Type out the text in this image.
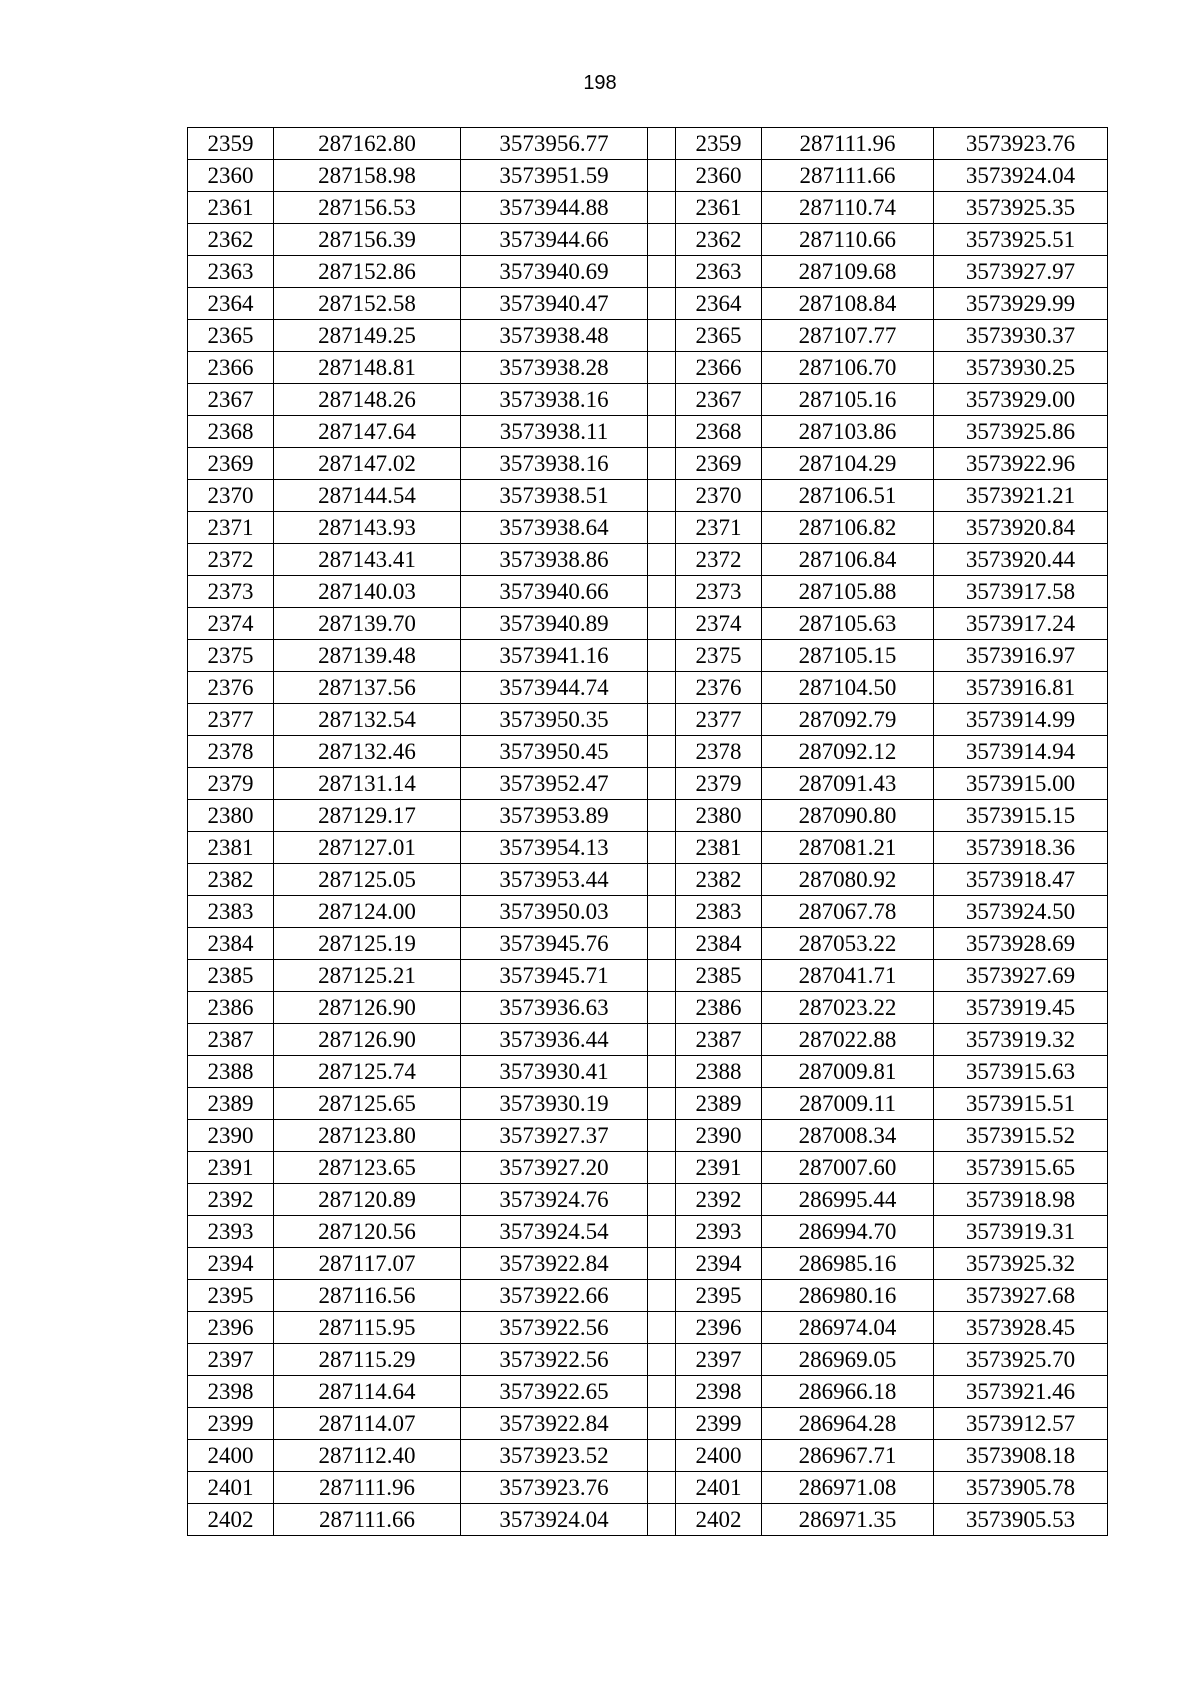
198
2359	287162.80	3573956.77		2359	287111.96	3573923.76
2360	287158.98	3573951.59		2360	287111.66	3573924.04
2361	287156.53	3573944.88		2361	287110.74	3573925.35
2362	287156.39	3573944.66		2362	287110.66	3573925.51
2363	287152.86	3573940.69		2363	287109.68	3573927.97
2364	287152.58	3573940.47		2364	287108.84	3573929.99
2365	287149.25	3573938.48		2365	287107.77	3573930.37
2366	287148.81	3573938.28		2366	287106.70	3573930.25
2367	287148.26	3573938.16		2367	287105.16	3573929.00
2368	287147.64	3573938.11		2368	287103.86	3573925.86
2369	287147.02	3573938.16		2369	287104.29	3573922.96
2370	287144.54	3573938.51		2370	287106.51	3573921.21
2371	287143.93	3573938.64		2371	287106.82	3573920.84
2372	287143.41	3573938.86		2372	287106.84	3573920.44
2373	287140.03	3573940.66		2373	287105.88	3573917.58
2374	287139.70	3573940.89		2374	287105.63	3573917.24
2375	287139.48	3573941.16		2375	287105.15	3573916.97
2376	287137.56	3573944.74		2376	287104.50	3573916.81
2377	287132.54	3573950.35		2377	287092.79	3573914.99
2378	287132.46	3573950.45		2378	287092.12	3573914.94
2379	287131.14	3573952.47		2379	287091.43	3573915.00
2380	287129.17	3573953.89		2380	287090.80	3573915.15
2381	287127.01	3573954.13		2381	287081.21	3573918.36
2382	287125.05	3573953.44		2382	287080.92	3573918.47
2383	287124.00	3573950.03		2383	287067.78	3573924.50
2384	287125.19	3573945.76		2384	287053.22	3573928.69
2385	287125.21	3573945.71		2385	287041.71	3573927.69
2386	287126.90	3573936.63		2386	287023.22	3573919.45
2387	287126.90	3573936.44		2387	287022.88	3573919.32
2388	287125.74	3573930.41		2388	287009.81	3573915.63
2389	287125.65	3573930.19		2389	287009.11	3573915.51
2390	287123.80	3573927.37		2390	287008.34	3573915.52
2391	287123.65	3573927.20		2391	287007.60	3573915.65
2392	287120.89	3573924.76		2392	286995.44	3573918.98
2393	287120.56	3573924.54		2393	286994.70	3573919.31
2394	287117.07	3573922.84		2394	286985.16	3573925.32
2395	287116.56	3573922.66		2395	286980.16	3573927.68
2396	287115.95	3573922.56		2396	286974.04	3573928.45
2397	287115.29	3573922.56		2397	286969.05	3573925.70
2398	287114.64	3573922.65		2398	286966.18	3573921.46
2399	287114.07	3573922.84		2399	286964.28	3573912.57
2400	287112.40	3573923.52		2400	286967.71	3573908.18
2401	287111.96	3573923.76		2401	286971.08	3573905.78
2402	287111.66	3573924.04		2402	286971.35	3573905.53
